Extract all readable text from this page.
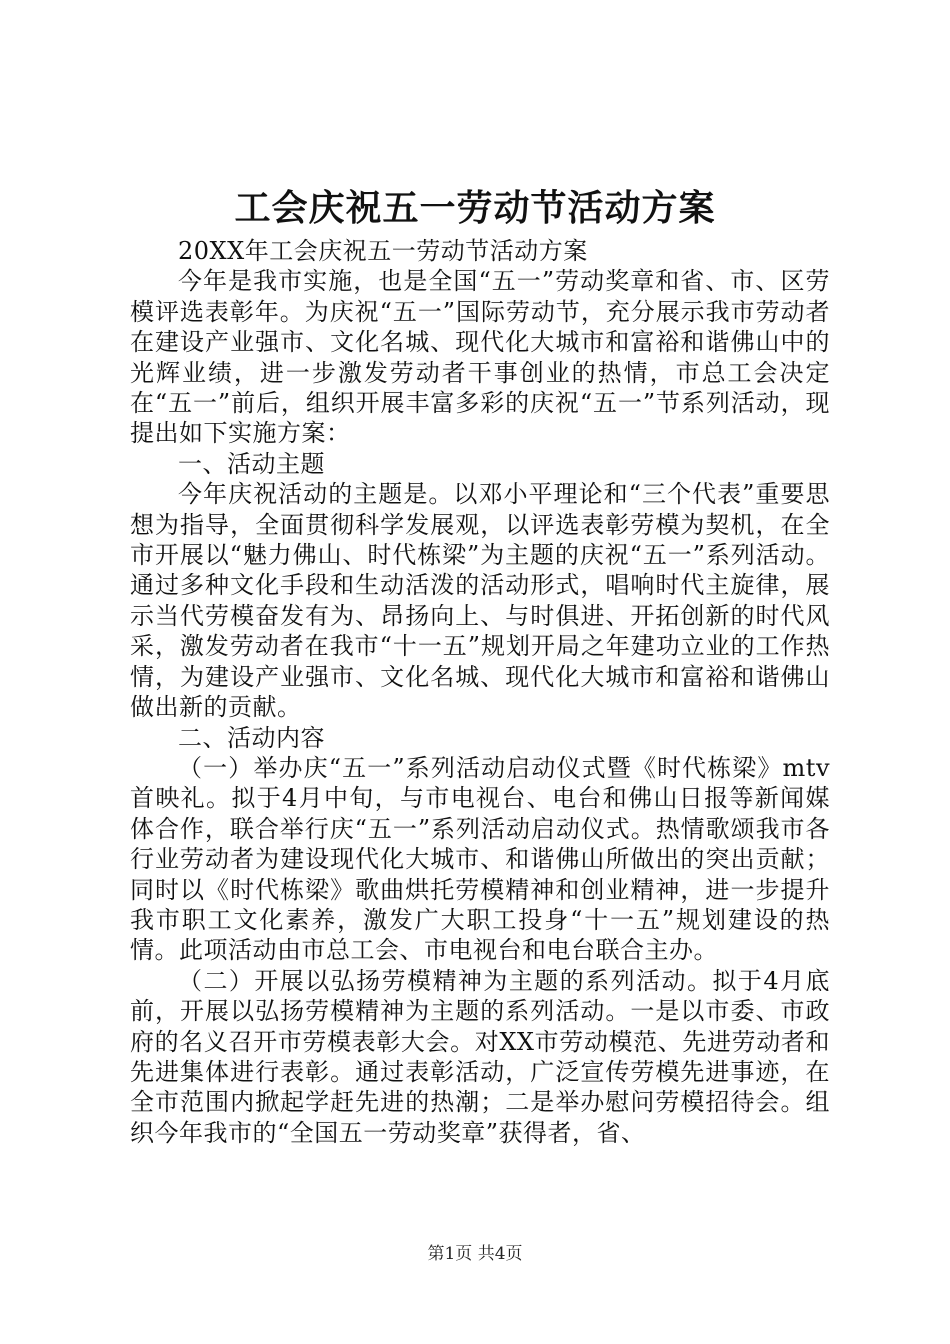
工会庆祝五一劳动节活动方案

20XX年工会庆祝五一劳动节活动方案

今年是我市实施，也是全国“五一”劳动奖章和省、市、区劳模评选表彰年。为庆祝“五一”国际劳动节，充分展示我市劳动者在建设产业强市、文化名城、现代化大城市和富裕和谐佛山中的光辉业绩，进一步激发劳动者干事创业的热情，市总工会决定在“五一”前后，组织开展丰富多彩的庆祝“五一”节系列活动，现提出如下实施方案：

一、活动主题

今年庆祝活动的主题是。以邓小平理论和“三个代表”重要思想为指导，全面贯彻科学发展观，以评选表彰劳模为契机，在全市开展以“魅力佛山、时代栋梁”为主题的庆祝“五一”系列活动。通过多种文化手段和生动活泼的活动形式，唱响时代主旋律，展示当代劳模奋发有为、昂扬向上、与时俱进、开拓创新的时代风采，激发劳动者在我市“十一五”规划开局之年建功立业的工作热情，为建设产业强市、文化名城、现代化大城市和富裕和谐佛山做出新的贡献。

二、活动内容

（一）举办庆“五一”系列活动启动仪式暨《时代栋梁》mtv首映礼。拟于4月中旬，与市电视台、电台和佛山日报等新闻媒体合作，联合举行庆“五一”系列活动启动仪式。热情歌颂我市各行业劳动者为建设现代化大城市、和谐佛山所做出的突出贡献；同时以《时代栋梁》歌曲烘托劳模精神和创业精神，进一步提升我市职工文化素养，激发广大职工投身“十一五”规划建设的热情。此项活动由市总工会、市电视台和电台联合主办。

（二）开展以弘扬劳模精神为主题的系列活动。拟于4月底前，开展以弘扬劳模精神为主题的系列活动。一是以市委、市政府的名义召开市劳模表彰大会。对XX市劳动模范、先进劳动者和先进集体进行表彰。通过表彰活动，广泛宣传劳模先进事迹，在全市范围内掀起学赶先进的热潮；二是举办慰问劳模招待会。组织今年我市的“全国五一劳动奖章”获得者，省、

第1页 共4页
